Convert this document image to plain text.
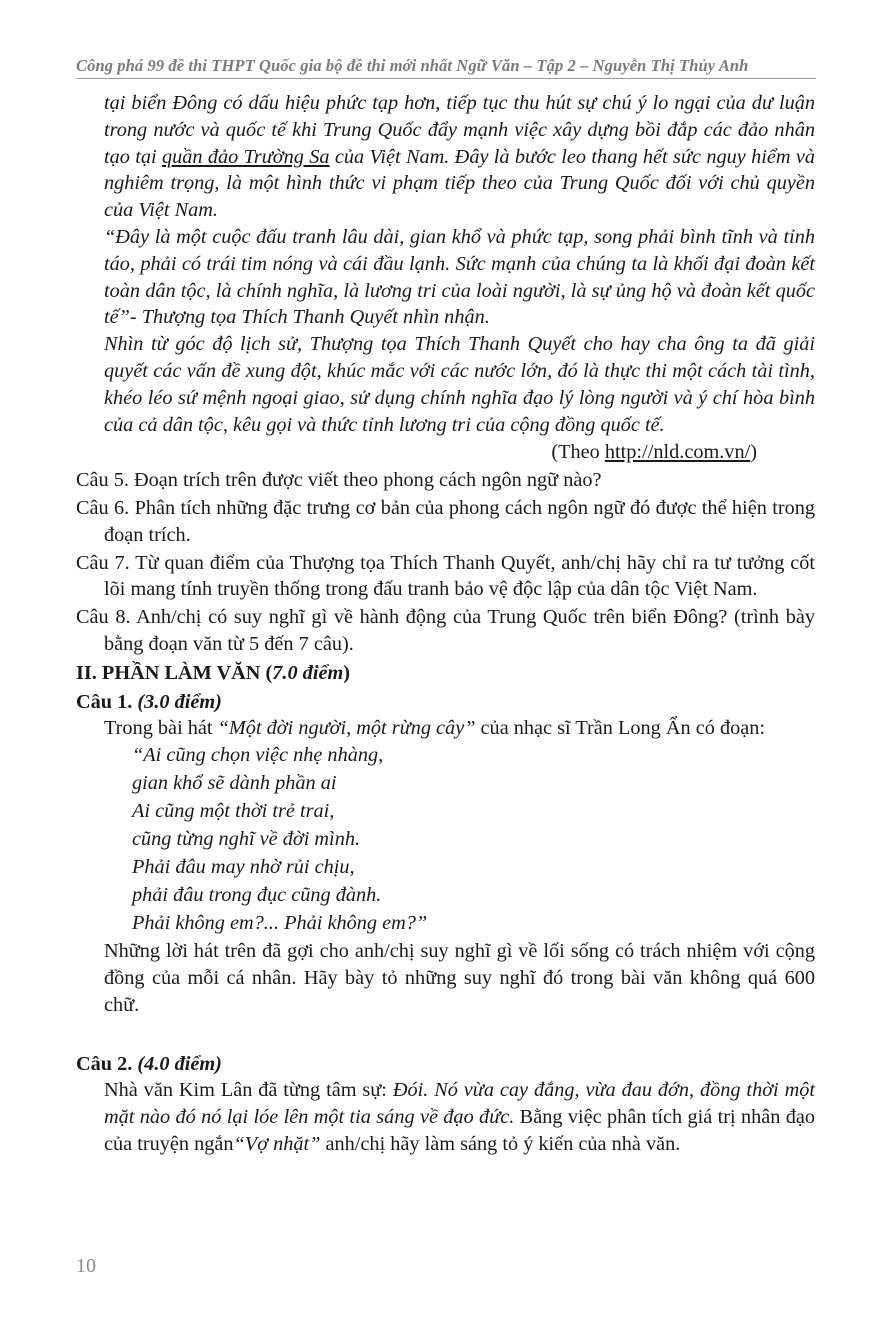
Công phá 99 đề thi THPT Quốc gia bộ đề thi mới nhất Ngữ Văn – Tập 2 – Nguyễn Thị Thủy Anh

tại biển Đông có dấu hiệu phức tạp hơn, tiếp tục thu hút sự chú ý lo ngại của dư luận trong nước và quốc tế khi Trung Quốc đẩy mạnh việc xây dựng bồi đắp các đảo nhân tạo tại quần đảo Trường Sa của Việt Nam. Đây là bước leo thang hết sức nguy hiểm và nghiêm trọng, là một hình thức vi phạm tiếp theo của Trung Quốc đối với chủ quyền của Việt Nam.

“Đây là một cuộc đấu tranh lâu dài, gian khổ và phức tạp, song phải bình tĩnh và tỉnh táo, phải có trái tim nóng và cái đầu lạnh. Sức mạnh của chúng ta là khối đại đoàn kết toàn dân tộc, là chính nghĩa, là lương tri của loài người, là sự ủng hộ và đoàn kết quốc tế”- Thượng tọa Thích Thanh Quyết nhìn nhận.

Nhìn từ góc độ lịch sử, Thượng tọa Thích Thanh Quyết cho hay cha ông ta đã giải quyết các vấn đề xung đột, khúc mắc với các nước lớn, đó là thực thi một cách tài tình, khéo léo sứ mệnh ngoại giao, sử dụng chính nghĩa đạo lý lòng người và ý chí hòa bình của cả dân tộc, kêu gọi và thức tỉnh lương tri của cộng đồng quốc tế.

(Theo http://nld.com.vn/)

Câu 5. Đoạn trích trên được viết theo phong cách ngôn ngữ nào?

Câu 6. Phân tích những đặc trưng cơ bản của phong cách ngôn ngữ đó được thể hiện trong đoạn trích.

Câu 7. Từ quan điểm của Thượng tọa Thích Thanh Quyết, anh/chị hãy chỉ ra tư tưởng cốt lõi mang tính truyền thống trong đấu tranh bảo vệ độc lập của dân tộc Việt Nam.

Câu 8. Anh/chị có suy nghĩ gì về hành động của Trung Quốc trên biển Đông? (trình bày bằng đoạn văn từ 5 đến 7 câu).

II. PHẦN LÀM VĂN (7.0 điểm)

Câu 1. (3.0 điểm)

Trong bài hát “Một đời người, một rừng cây” của nhạc sĩ Trần Long Ẩn có đoạn:

“Ai cũng chọn việc nhẹ nhàng,
gian khổ sẽ dành phần ai
Ai cũng một thời trẻ trai,
cũng từng nghĩ về đời mình.
Phải đâu may nhờ rủi chịu,
phải đâu trong đục cũng đành.
Phải không em?... Phải không em?”

Những lời hát trên đã gợi cho anh/chị suy nghĩ gì về lối sống có trách nhiệm với cộng đồng của mỗi cá nhân. Hãy bày tỏ những suy nghĩ đó trong bài văn không quá 600 chữ.

Câu 2. (4.0 điểm)

Nhà văn Kim Lân đã từng tâm sự: Đói. Nó vừa cay đắng, vừa đau đớn, đồng thời một mặt nào đó nó lại lóe lên một tia sáng về đạo đức. Bằng việc phân tích giá trị nhân đạo của truyện ngắn“Vợ nhặt” anh/chị hãy làm sáng tỏ ý kiến của nhà văn.

10
